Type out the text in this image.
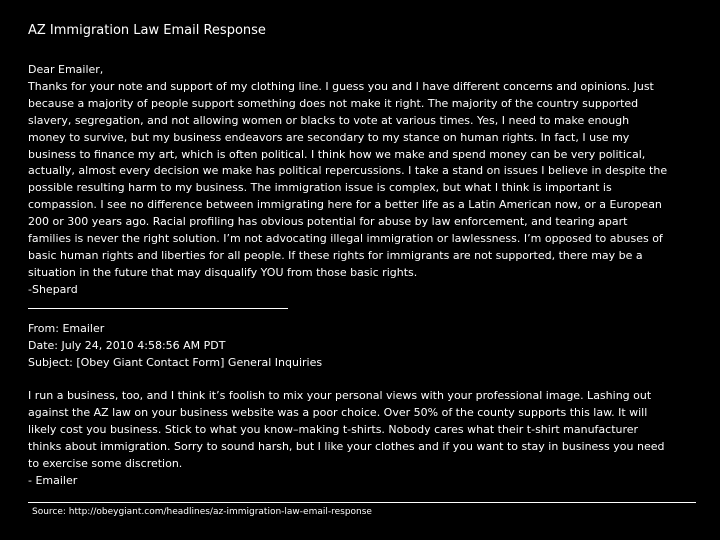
AZ Immigration Law Email Response
Dear Emailer,
Thanks for your note and support of my clothing line. I guess you and I have different concerns and opinions. Just
because a majority of people support something does not make it right. The majority of the country supported
slavery, segregation, and not allowing women or blacks to vote at various times. Yes, I need to make enough
money to survive, but my business endeavors are secondary to my stance on human rights. In fact, I use my
business to finance my art, which is often political. I think how we make and spend money can be very political,
actually, almost every decision we make has political repercussions. I take a stand on issues I believe in despite the
possible resulting harm to my business. The immigration issue is complex, but what I think is important is
compassion. I see no difference between immigrating here for a better life as a Latin American now, or a European
200 or 300 years ago. Racial profiling has obvious potential for abuse by law enforcement, and tearing apart
families is never the right solution. I’m not advocating illegal immigration or lawlessness. I’m opposed to abuses of
basic human rights and liberties for all people. If these rights for immigrants are not supported, there may be a
situation in the future that may disqualify YOU from those basic rights.
-Shepard
From: Emailer
Date: July 24, 2010 4:58:56 AM PDT
Subject: [Obey Giant Contact Form] General Inquiries
I run a business, too, and I think it’s foolish to mix your personal views with your professional image. Lashing out
against the AZ law on your business website was a poor choice. Over 50% of the county supports this law. It will
likely cost you business. Stick to what you know–making t-shirts. Nobody cares what their t-shirt manufacturer
thinks about immigration. Sorry to sound harsh, but I like your clothes and if you want to stay in business you need
to exercise some discretion.
- Emailer
Source: http://obeygiant.com/headlines/az-immigration-law-email-response
